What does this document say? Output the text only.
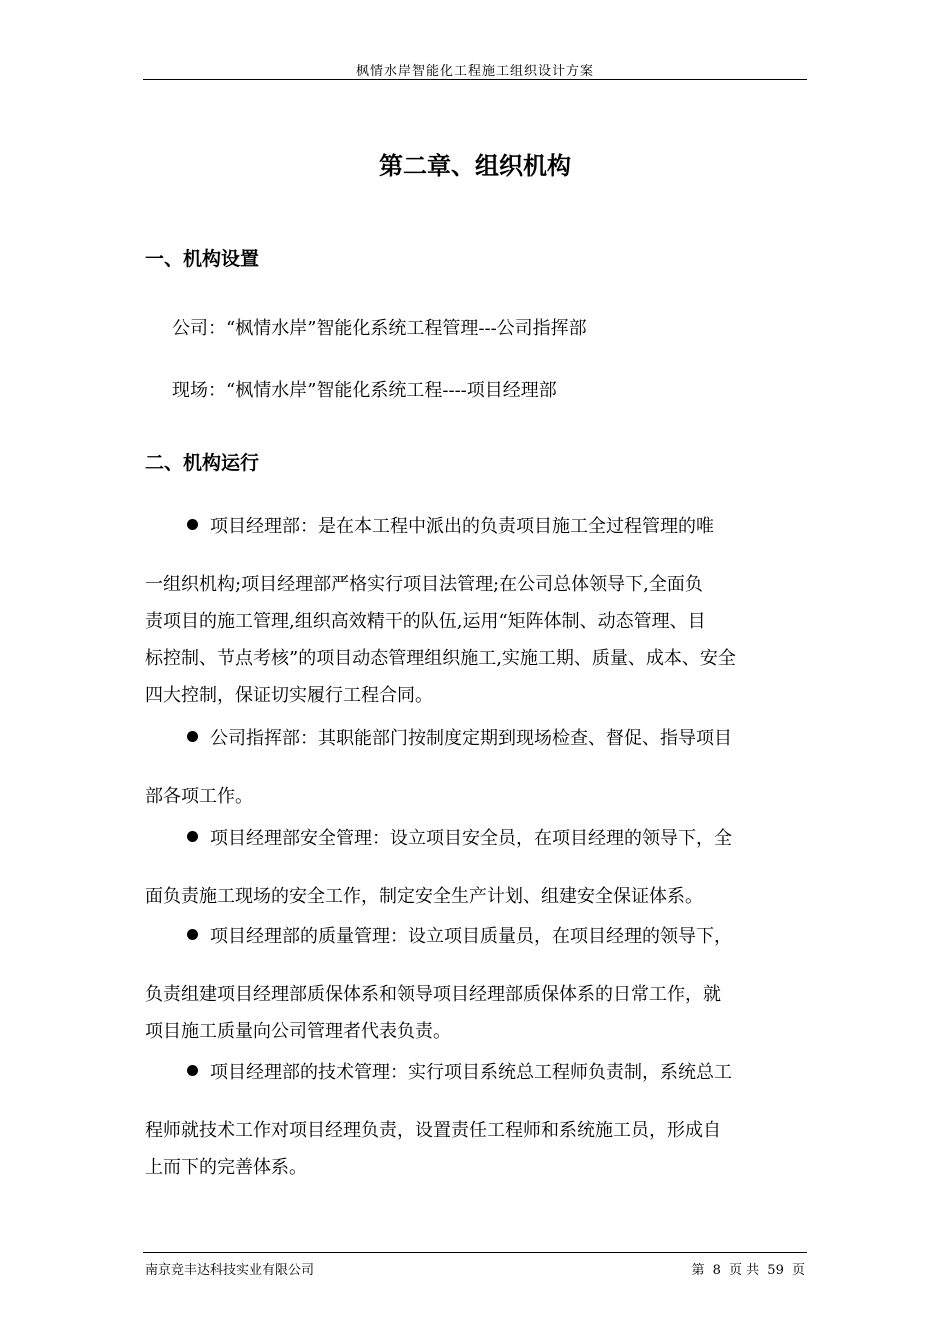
枫情水岸智能化工程施工组织设计方案
第二章、组织机构
一、机构设置
公司：“枫情水岸”智能化系统工程管理---公司指挥部
现场：“枫情水岸”智能化系统工程----项目经理部
二、机构运行
项目经理部：是在本工程中派出的负责项目施工全过程管理的唯
一组织机构;项目经理部严格实行项目法管理;在公司总体领导下,全面负
责项目的施工管理,组织高效精干的队伍,运用“矩阵体制、动态管理、目
标控制、节点考核”的项目动态管理组织施工,实施工期、质量、成本、安全
四大控制，保证切实履行工程合同。
公司指挥部：其职能部门按制度定期到现场检查、督促、指导项目
部各项工作。
项目经理部安全管理：设立项目安全员，在项目经理的领导下，全
面负责施工现场的安全工作，制定安全生产计划、组建安全保证体系。
项目经理部的质量管理：设立项目质量员，在项目经理的领导下，
负责组建项目经理部质保体系和领导项目经理部质保体系的日常工作，就
项目施工质量向公司管理者代表负责。
项目经理部的技术管理：实行项目系统总工程师负责制，系统总工
程师就技术工作对项目经理负责，设置责任工程师和系统施工员，形成自
上而下的完善体系。
南京竞丰达科技实业有限公司	第 8 页 共 59 页
